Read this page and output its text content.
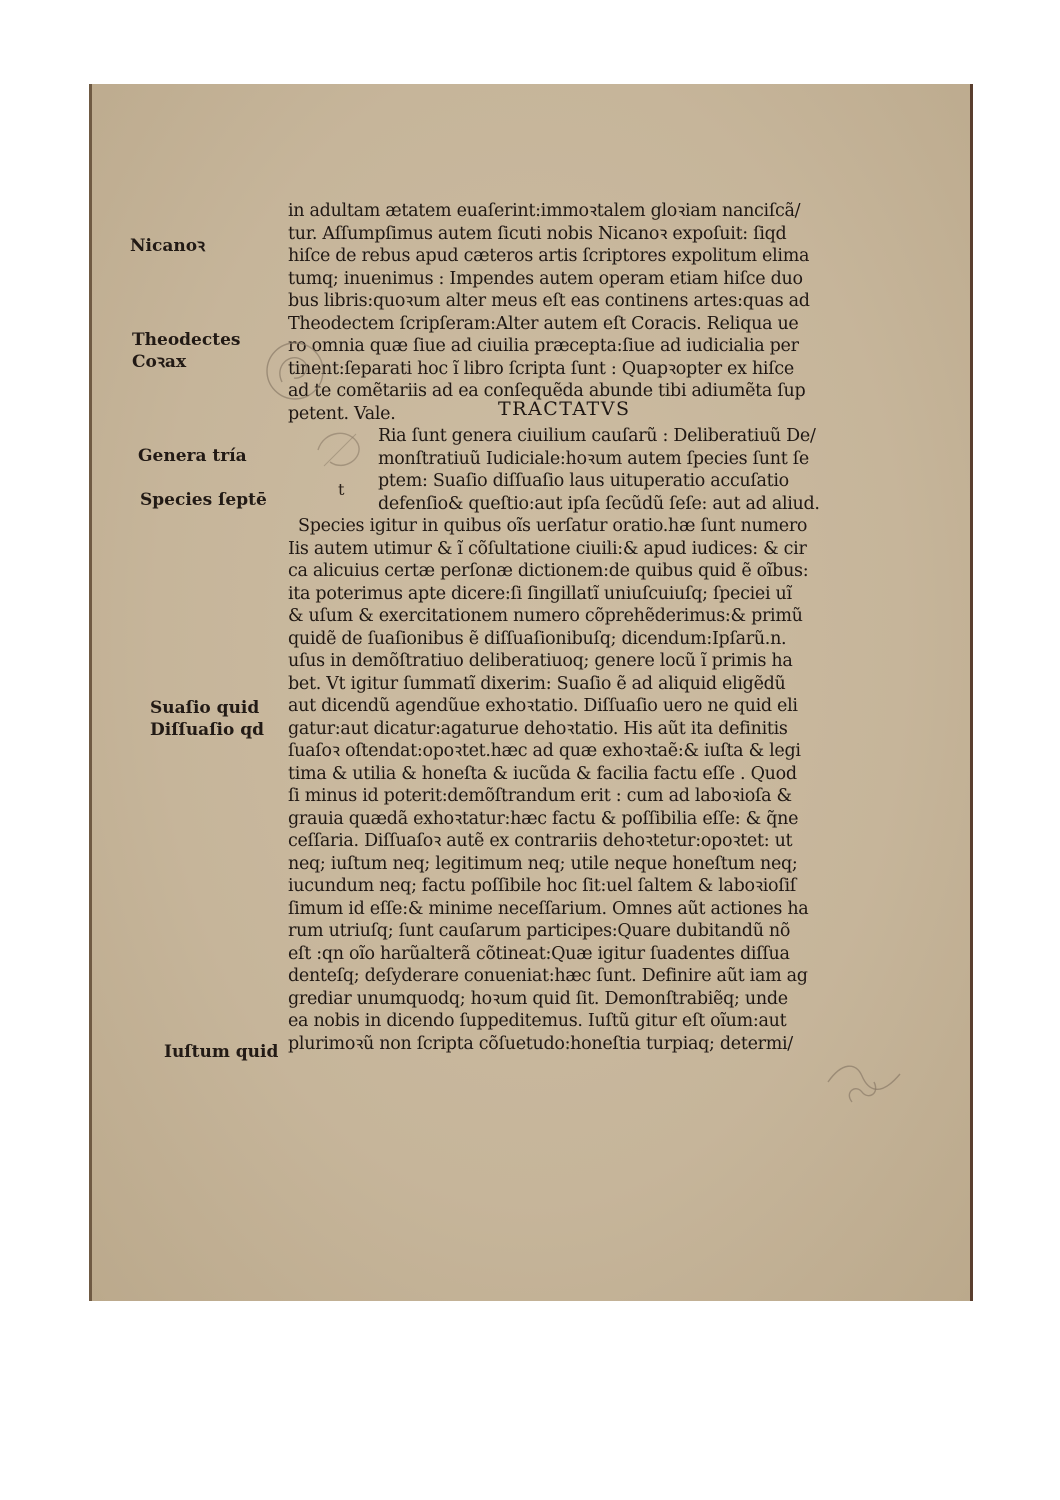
Nicanoꝛ
Theodectes
Coꝛax
Genera tría
Species ſeptē
Suaſio quid
Diſſuaſio qd
Iuſtum quid
t
TRACTATVS
in adultam ætatem euaſerint:immoꝛtalem gloꝛiam nanciſcã/
tur. Aſſumpſimus autem ſicuti nobis Nicanoꝛ expoſuit: ſiqd
hiſce de rebus apud cæteros artis ſcriptores expolitum elima
tumq; inuenimus : Impendes autem operam etiam hiſce duo
bus libris:quoꝛum alter meus eſt eas continens artes:quas ad
Theodectem ſcripſeram:Alter autem eſt Coracis. Reliqua ue
ro omnia quæ ſiue ad ciuilia præcepta:ſiue ad iudicialia per
tinent:ſeparati hoc ĩ libro ſcripta ſunt : Quapꝛopter ex hiſce
ad te comẽtariis ad ea conſequẽda abunde tibi adiumẽta ſup
petent. Vale.
Ria ſunt genera ciuilium cauſarũ : Deliberatiuũ De/
monſtratiuũ Iudiciale:hoꝛum autem ſpecies ſunt ſe
ptem: Suaſio diſſuaſio laus uituperatio accuſatio
defenſio& queſtio:aut ipſa ſecũdũ ſeſe: aut ad aliud.
Species igitur in quibus oĩs uerſatur oratio.hæ ſunt numero
Iis autem utimur & ĩ cõſultatione ciuili:& apud iudices: & cir
ca alicuius certæ perſonæ dictionem:de quibus quid ẽ oĩbus:
ita poterimus apte dicere:ſi ſingillatĩ uniuſcuiuſq; ſpeciei uĩ
& uſum & exercitationem numero cõprehẽderimus:& primũ
quidẽ de ſuaſionibus ẽ diſſuaſionibuſq; dicendum:Ipſarũ.n.
uſus in demõſtratiuo deliberatiuoq; genere locũ ĩ primis ha
bet. Vt igitur ſummatĩ dixerim: Suaſio ẽ ad aliquid eligẽdũ
aut dicendũ agendũue exhoꝛtatio. Diſſuaſio uero ne quid eli
gatur:aut dicatur:agaturue dehoꝛtatio. His aũt ita definitis
ſuaſoꝛ oſtendat:opoꝛtet.hæc ad quæ exhoꝛtaẽ:& iuſta & legi
tima & utilia & honeſta & iucũda & facilia factu eſſe . Quod
ſi minus id poterit:demõſtrandum erit : cum ad laboꝛioſa &
grauia quædã exhoꝛtatur:hæc factu & poſſibilia eſſe: & q̃ne
ceſſaria. Diſſuaſoꝛ autẽ ex contrariis dehoꝛtetur:opoꝛtet: ut
neq; iuſtum neq; legitimum neq; utile neque honeſtum neq;
iucundum neq; factu poſſibile hoc ſit:uel ſaltem & laboꝛioſiſ
ſimum id eſſe:& minime neceſſarium. Omnes aũt actiones ha
rum utriuſq; ſunt cauſarum participes:Quare dubitandũ nõ
eſt :qn oĩo harũalterã cõtineat:Quæ igitur ſuadentes diſſua
denteſq; deſyderare conueniat:hæc ſunt. Definire aũt iam ag
grediar unumquodq; hoꝛum quid ſit. Demonſtrabiẽq; unde
ea nobis in dicendo ſuppeditemus. Iuſtũ gitur eſt oĩum:aut
plurimoꝛũ non ſcripta cõſuetudo:honeſtia turpiaq; determi/
